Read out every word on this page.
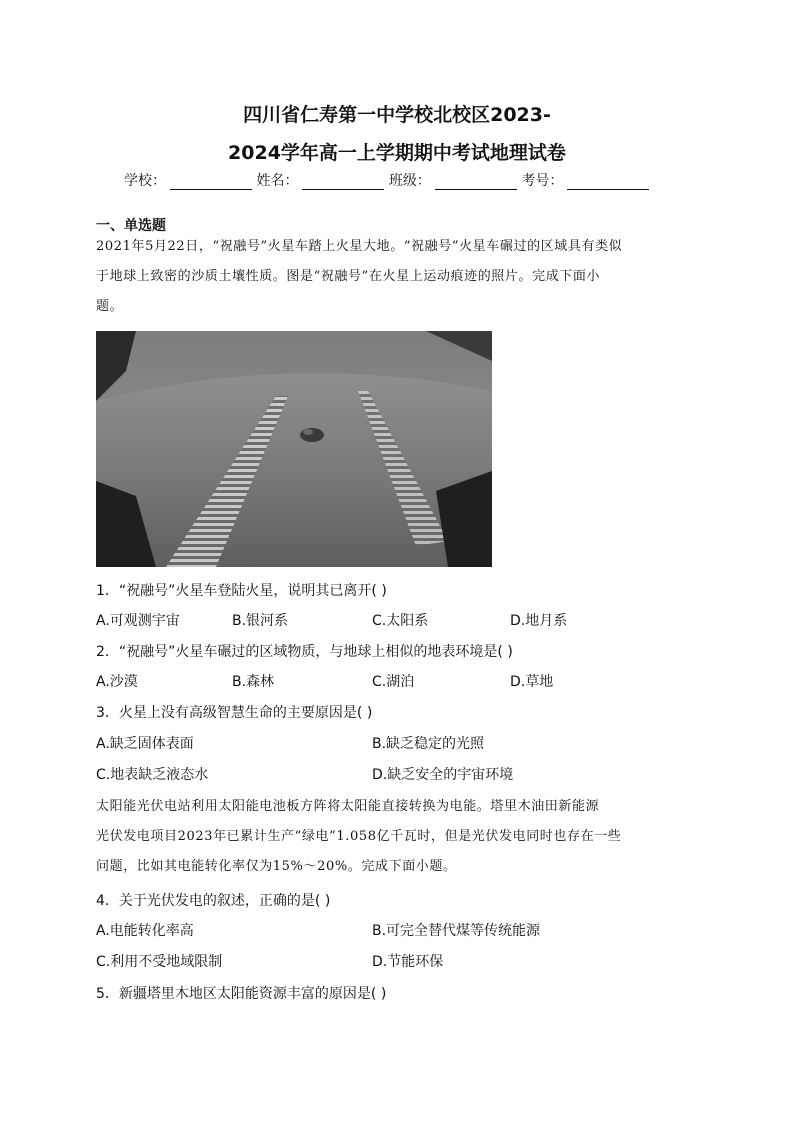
四川省仁寿第一中学校北校区2023-
2024学年高一上学期期中考试地理试卷
学校：	姓名：	班级：	考号：
一、单选题
2021年5月22日，“祝融号”火星车踏上火星大地。“祝融号”火星车碾过的区域具有类似
于地球上致密的沙质土壤性质。图是“祝融号”在火星上运动痕迹的照片。完成下面小
题。
1．“祝融号”火星车登陆火星，说明其已离开( )
A.可观测宇宙	B.银河系	C.太阳系	D.地月系
2．“祝融号”火星车碾过的区域物质，与地球上相似的地表环境是( )
A.沙漠	B.森林	C.湖泊	D.草地
3．火星上没有高级智慧生命的主要原因是( )
A.缺乏固体表面	B.缺乏稳定的光照
C.地表缺乏液态水	D.缺乏安全的宇宙环境
太阳能光伏电站利用太阳能电池板方阵将太阳能直接转换为电能。塔里木油田新能源
光伏发电项目2023年已累计生产“绿电”1.058亿千瓦时，但是光伏发电同时也存在一些
问题，比如其电能转化率仅为15%～20%。完成下面小题。
4．关于光伏发电的叙述，正确的是( )
A.电能转化率高	B.可完全替代煤等传统能源
C.利用不受地域限制	D.节能环保
5．新疆塔里木地区太阳能资源丰富的原因是( )
